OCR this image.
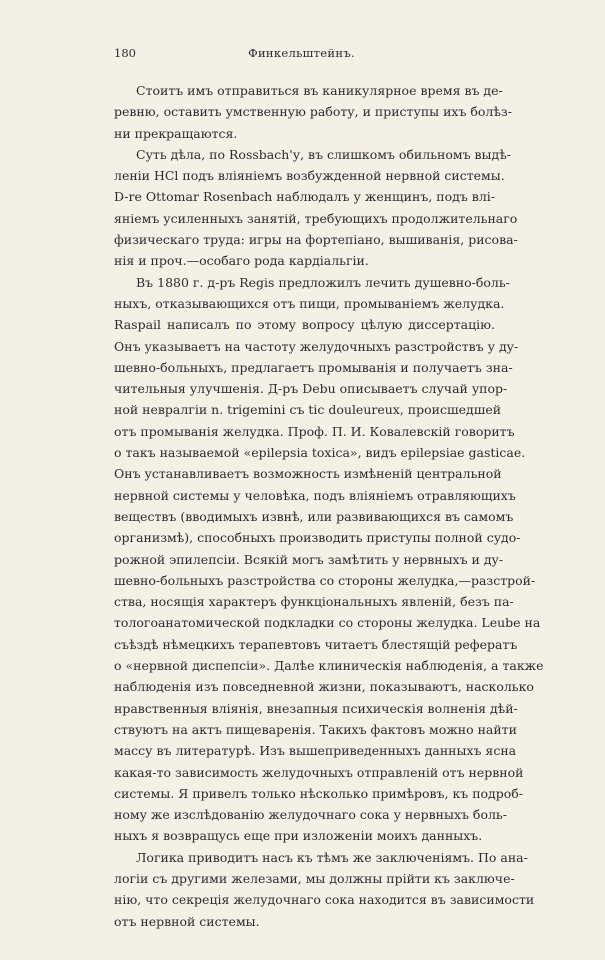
180	Финкельштейнъ.
Стоитъ имъ отправиться въ каникулярное время въ де-
ревню, оставить умственную работу, и приступы ихъ болѣз-
ни прекращаются.
Суть дѣла, по Rossbach'у, въ слишкомъ обильномъ выдѣ-
леніи HCl подъ вліяніемъ возбужденной нервной системы.
D-re Ottomar Rosenbach наблюдалъ у женщинъ, подъ влі-
яніемъ усиленныхъ занятій, требующихъ продолжительнаго
физическаго труда: игры на фортепіано, вышиванія, рисова-
нія и проч.—особаго рода кардіальгіи.
Въ 1880 г. д-ръ Regis предложилъ лечить душевно-боль-
ныхъ, отказывающихся отъ пищи, промываніемъ желудка.
Raspail написалъ по этому вопросу цѣлую диссертацію.
Онъ указываетъ на частоту желудочныхъ разстройствъ у ду-
шевно-больныхъ, предлагаетъ промыванія и получаетъ зна-
чительныя улучшенія. Д-ръ Debu описываетъ случай упор-
ной невралгіи n. trigemini съ tic douleureux, происшедшей
отъ промыванія желудка. Проф. П. И. Ковалевскій говоритъ
о такъ называемой «epilepsia toxica», видъ epilepsiae gasticae.
Онъ устанавливаетъ возможность измѣненій центральной
нервной системы у человѣка, подъ вліяніемъ отравляющихъ
веществъ (вводимыхъ извнѣ, или развивающихся въ самомъ
организмѣ), способныхъ производить приступы полной судо-
рожной эпилепсіи. Всякій могъ замѣтить у нервныхъ и ду-
шевно-больныхъ разстройства со стороны желудка,—разстрой-
ства, носящія характеръ функціональныхъ явленій, безъ па-
тологоанатомической подкладки со стороны желудка. Leube на
съѣздѣ нѣмецкихъ терапевтовъ читаетъ блестящій рефератъ
о «нервной диспепсіи». Далѣе клиническія наблюденія, а также
наблюденія изъ повседневной жизни, показываютъ, насколько
нравственныя вліянія, внезапныя психическія волненія дѣй-
ствуютъ на актъ пищеваренія. Такихъ фактовъ можно найти
массу въ литературѣ. Изъ вышеприведенныхъ данныхъ ясна
какая-то зависимость желудочныхъ отправленій отъ нервной
системы. Я привелъ только нѣсколько примѣровъ, къ подроб-
ному же изслѣдованію желудочнаго сока у нервныхъ боль-
ныхъ я возвращусь еще при изложеніи моихъ данныхъ.
Логика приводитъ насъ къ тѣмъ же заключеніямъ. По ана-
логіи съ другими железами, мы должны прійти къ заключе-
нію, что секреція желудочнаго сока находится въ зависимости
отъ нервной системы.
